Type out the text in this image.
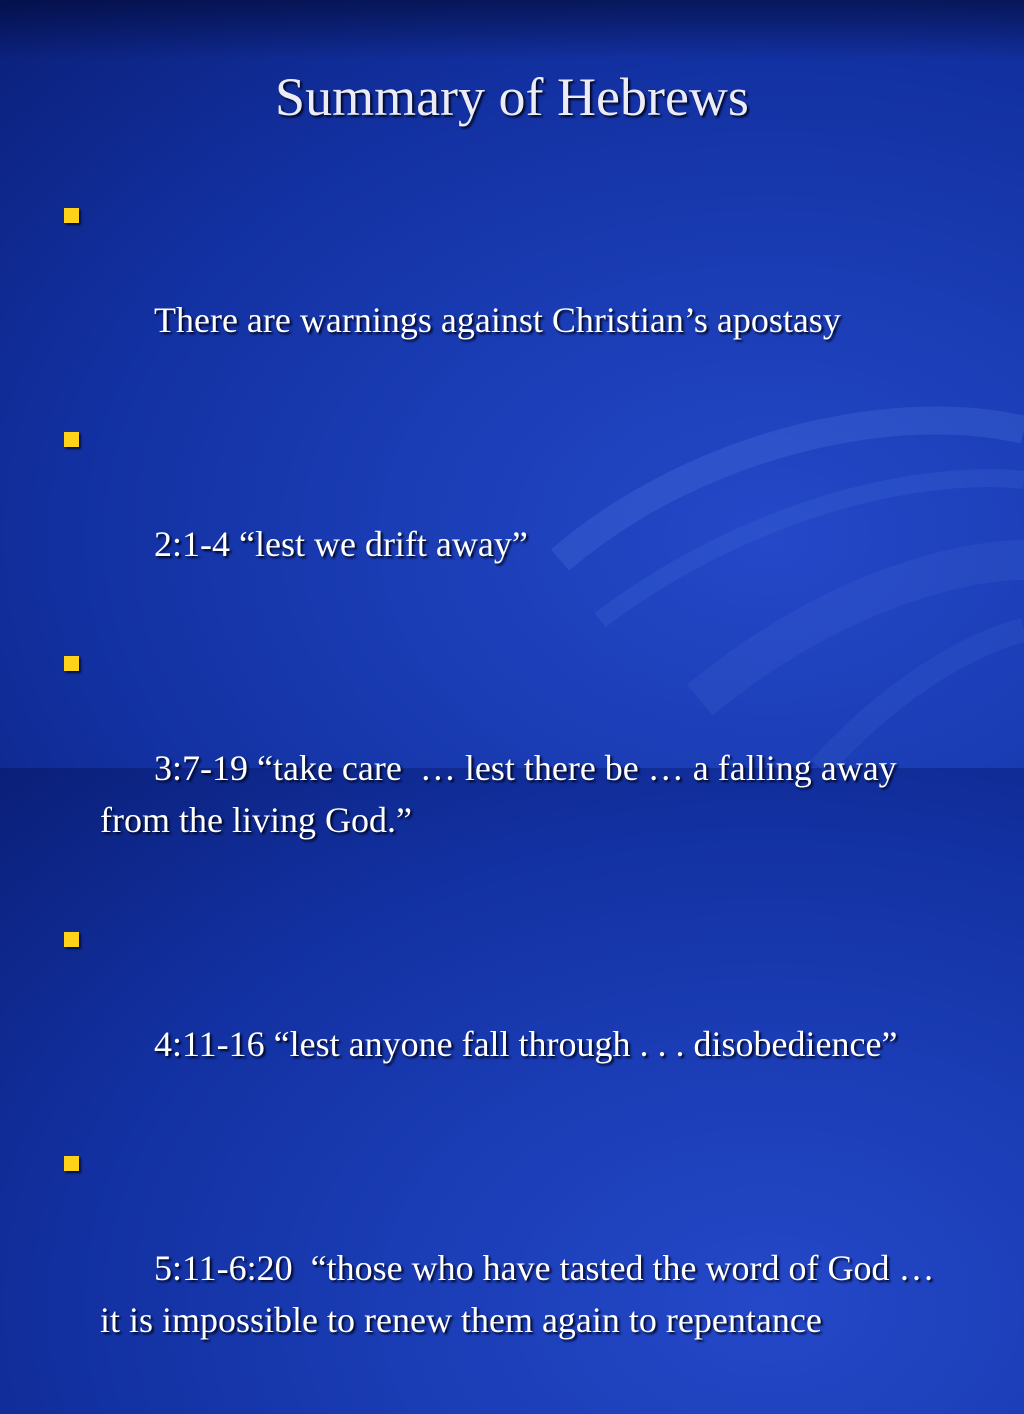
Summary of Hebrews

There are warnings against Christian’s apostasy

2:1-4 “lest we drift away”

3:7-19 “take care  … lest there be … a falling away from the living God.”

4:11-16 “lest anyone fall through . . . disobedience”

5:11-6:20  “those who have tasted the word of God …  it is impossible to renew them again to repentance
